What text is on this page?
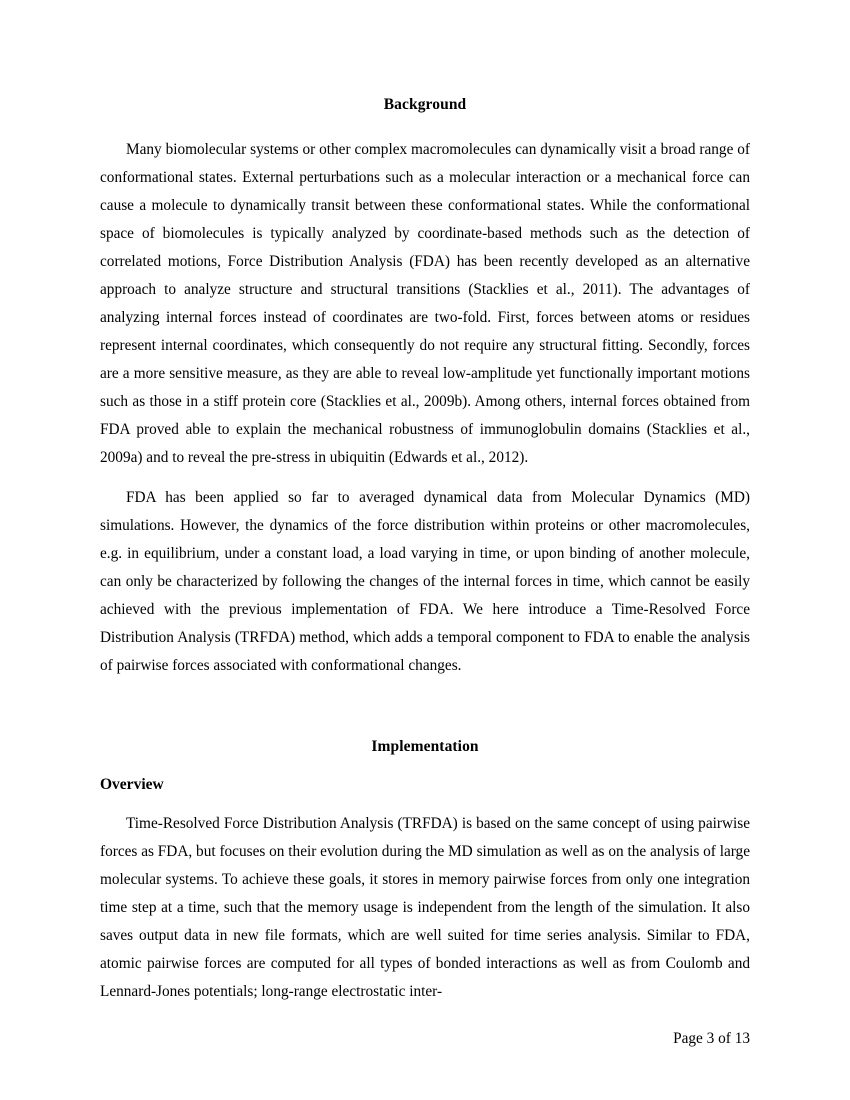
Background

Many biomolecular systems or other complex macromolecules can dynamically visit a broad range of conformational states. External perturbations such as a molecular interaction or a mechanical force can cause a molecule to dynamically transit between these conformational states. While the conformational space of biomolecules is typically analyzed by coordinate-based methods such as the detection of correlated motions, Force Distribution Analysis (FDA) has been recently developed as an alternative approach to analyze structure and structural transitions (Stacklies et al., 2011). The advantages of analyzing internal forces instead of coordinates are two-fold. First, forces between atoms or residues represent internal coordinates, which consequently do not require any structural fitting. Secondly, forces are a more sensitive measure, as they are able to reveal low-amplitude yet functionally important motions such as those in a stiff protein core (Stacklies et al., 2009b). Among others, internal forces obtained from FDA proved able to explain the mechanical robustness of immunoglobulin domains (Stacklies et al., 2009a) and to reveal the pre-stress in ubiquitin (Edwards et al., 2012).

FDA has been applied so far to averaged dynamical data from Molecular Dynamics (MD) simulations. However, the dynamics of the force distribution within proteins or other macromolecules, e.g. in equilibrium, under a constant load, a load varying in time, or upon binding of another molecule, can only be characterized by following the changes of the internal forces in time, which cannot be easily achieved with the previous implementation of FDA. We here introduce a Time-Resolved Force Distribution Analysis (TRFDA) method, which adds a temporal component to FDA to enable the analysis of pairwise forces associated with conformational changes.

Implementation
Overview

Time-Resolved Force Distribution Analysis (TRFDA) is based on the same concept of using pairwise forces as FDA, but focuses on their evolution during the MD simulation as well as on the analysis of large molecular systems. To achieve these goals, it stores in memory pairwise forces from only one integration time step at a time, such that the memory usage is independent from the length of the simulation. It also saves output data in new file formats, which are well suited for time series analysis. Similar to FDA, atomic pairwise forces are computed for all types of bonded interactions as well as from Coulomb and Lennard-Jones potentials; long-range electrostatic inter-

Page 3 of 13
